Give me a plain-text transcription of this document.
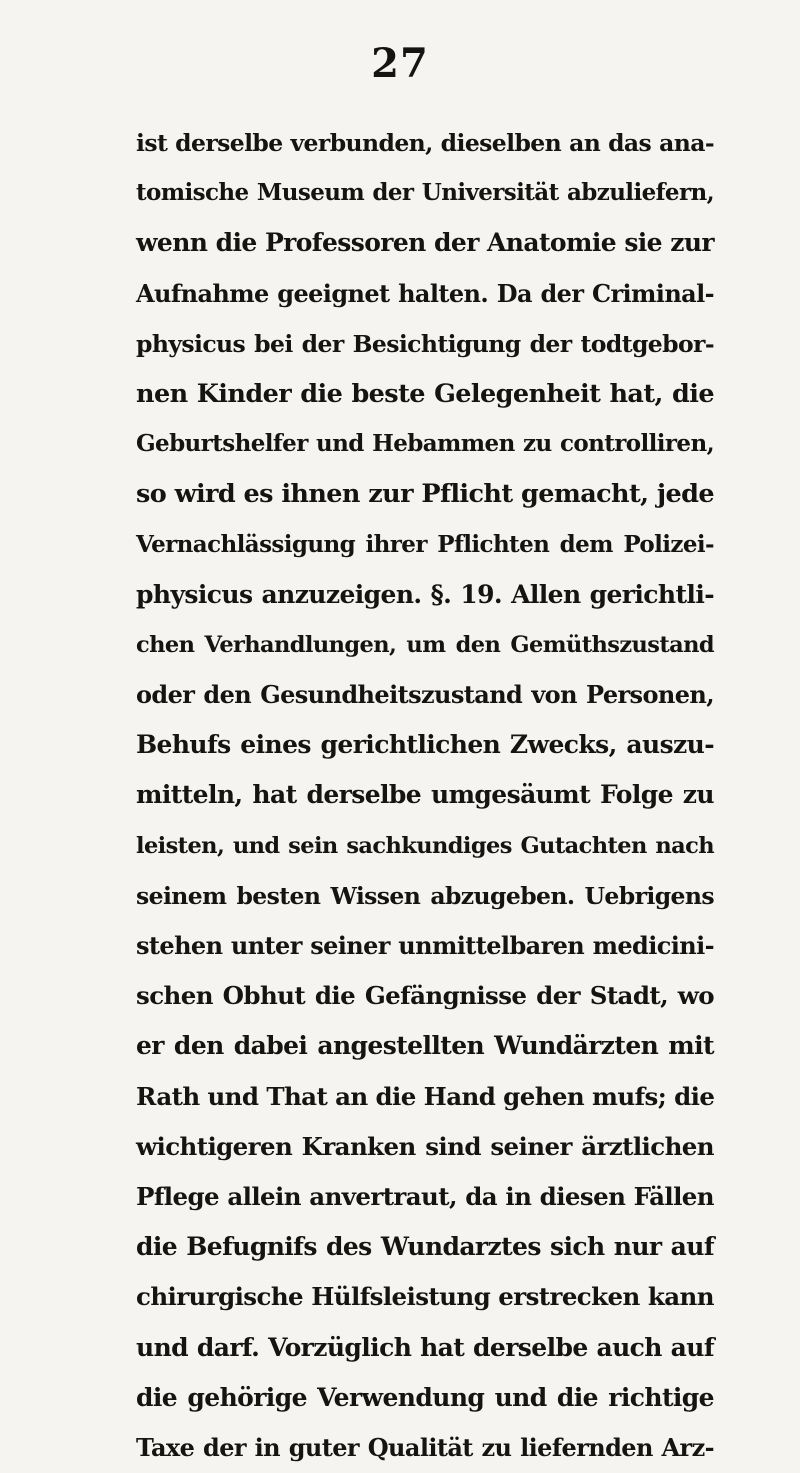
27
ist derselbe verbunden, dieselben an das ana-
tomische Museum der Universität abzuliefern,
wenn die Professoren der Anatomie sie zur
Aufnahme geeignet halten. Da der Criminal-
physicus bei der Besichtigung der todtgebor-
nen Kinder die beste Gelegenheit hat, die
Geburtshelfer und Hebammen zu controlliren,
so wird es ihnen zur Pflicht gemacht, jede
Vernachlässigung ihrer Pflichten dem Polizei-
physicus anzuzeigen. §. 19. Allen gerichtli-
chen Verhandlungen, um den Gemüthszustand
oder den Gesundheitszustand von Personen,
Behufs eines gerichtlichen Zwecks, auszu-
mitteln, hat derselbe umgesäumt Folge zu
leisten, und sein sachkundiges Gutachten nach
seinem besten Wissen abzugeben. Uebrigens
stehen unter seiner unmittelbaren medicini-
schen Obhut die Gefängnisse der Stadt, wo
er den dabei angestellten Wundärzten mit
Rath und That an die Hand gehen mufs; die
wichtigeren Kranken sind seiner ärztlichen
Pflege allein anvertraut, da in diesen Fällen
die Befugnifs des Wundarztes sich nur auf
chirurgische Hülfsleistung erstrecken kann
und darf. Vorzüglich hat derselbe auch auf
die gehörige Verwendung und die richtige
Taxe der in guter Qualität zu liefernden Arz-
